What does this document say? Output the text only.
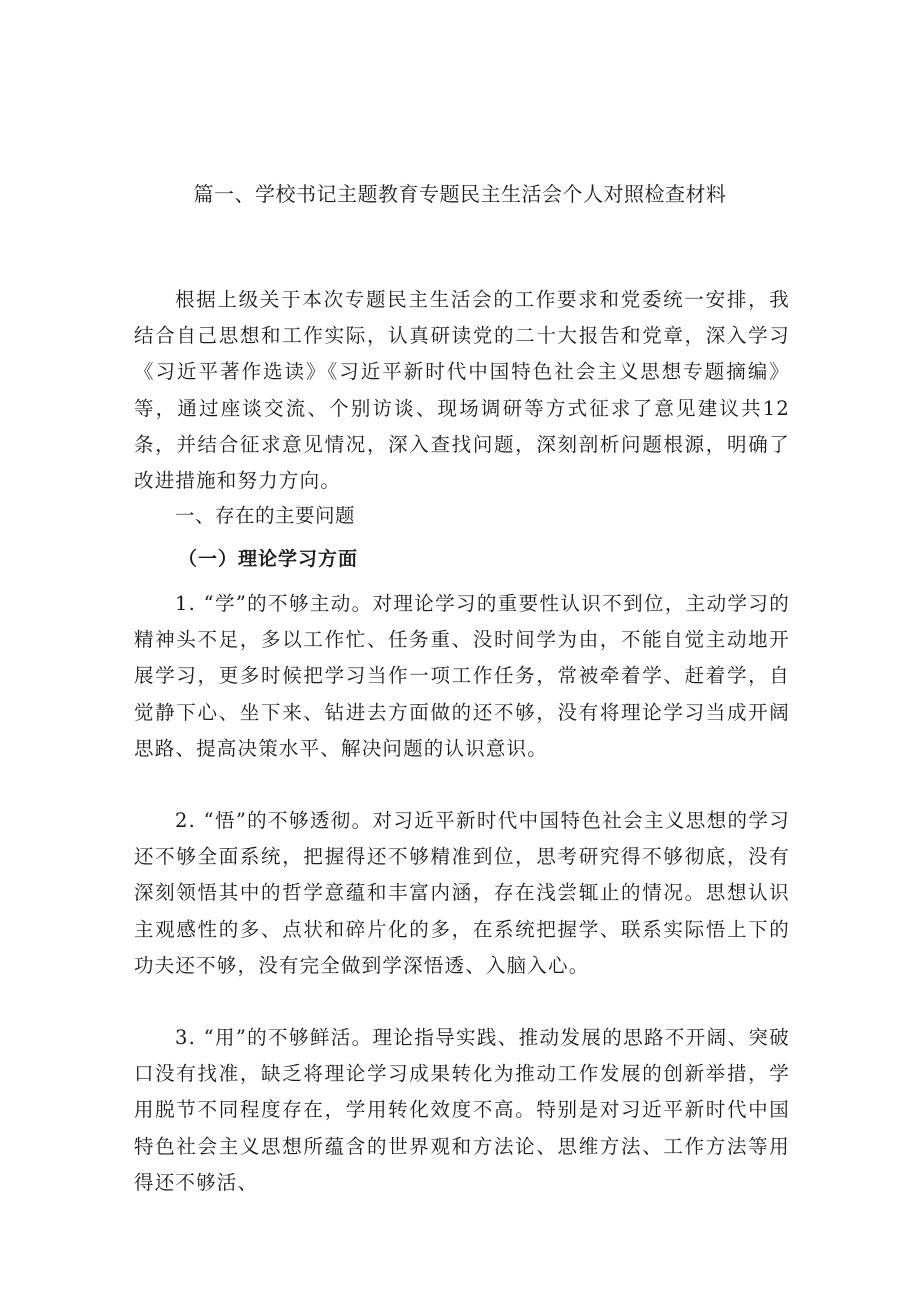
篇一、学校书记主题教育专题民主生活会个人对照检查材料

根据上级关于本次专题民主生活会的工作要求和党委统一安排，我结合自己思想和工作实际，认真研读党的二十大报告和党章，深入学习《习近平著作选读》《习近平新时代中国特色社会主义思想专题摘编》等，通过座谈交流、个别访谈、现场调研等方式征求了意见建议共12条，并结合征求意见情况，深入查找问题，深刻剖析问题根源，明确了改进措施和努力方向。

一、存在的主要问题
（一）理论学习方面

1. “学”的不够主动。对理论学习的重要性认识不到位，主动学习的精神头不足，多以工作忙、任务重、没时间学为由，不能自觉主动地开展学习，更多时候把学习当作一项工作任务，常被牵着学、赶着学，自觉静下心、坐下来、钻进去方面做的还不够，没有将理论学习当成开阔思路、提高决策水平、解决问题的认识意识。

2. “悟”的不够透彻。对习近平新时代中国特色社会主义思想的学习还不够全面系统，把握得还不够精准到位，思考研究得不够彻底，没有深刻领悟其中的哲学意蕴和丰富内涵，存在浅尝辄止的情况。思想认识主观感性的多、点状和碎片化的多，在系统把握学、联系实际悟上下的功夫还不够，没有完全做到学深悟透、入脑入心。

3. “用”的不够鲜活。理论指导实践、推动发展的思路不开阔、突破口没有找准，缺乏将理论学习成果转化为推动工作发展的创新举措，学用脱节不同程度存在，学用转化效度不高。特别是对习近平新时代中国特色社会主义思想所蕴含的世界观和方法论、思维方法、工作方法等用得还不够活、
